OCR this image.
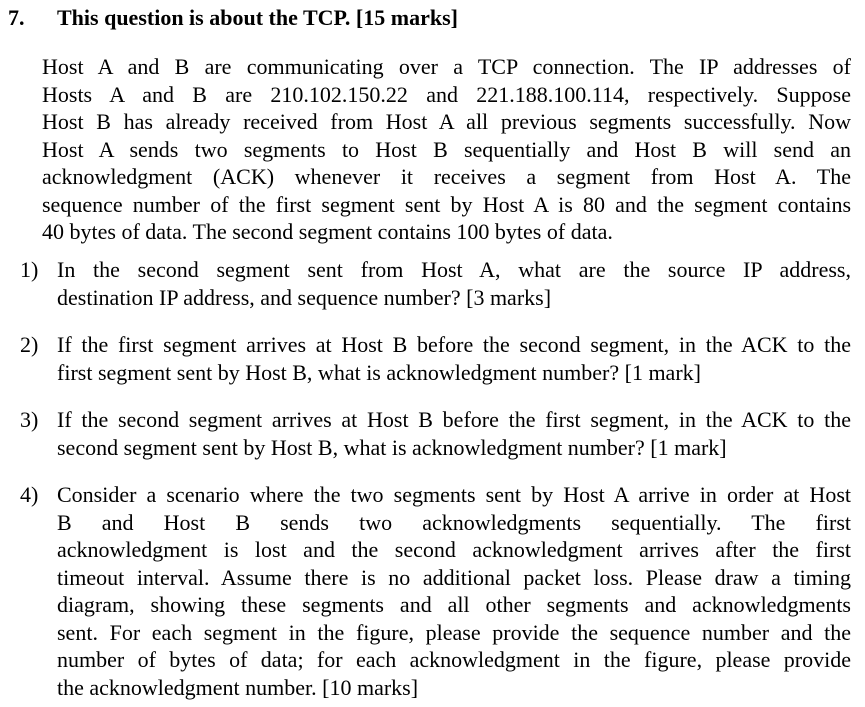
7. This question is about the TCP. [15 marks]
Host A and B are communicating over a TCP connection. The IP addresses of
Hosts A and B are 210.102.150.22 and 221.188.100.114, respectively. Suppose
Host B has already received from Host A all previous segments successfully. Now
Host A sends two segments to Host B sequentially and Host B will send an
acknowledgment (ACK) whenever it receives a segment from Host A. The
sequence number of the first segment sent by Host A is 80 and the segment contains
40 bytes of data. The second segment contains 100 bytes of data.
1) In the second segment sent from Host A, what are the source IP address,
destination IP address, and sequence number? [3 marks]
2) If the first segment arrives at Host B before the second segment, in the ACK to the
first segment sent by Host B, what is acknowledgment number? [1 mark]
3) If the second segment arrives at Host B before the first segment, in the ACK to the
second segment sent by Host B, what is acknowledgment number? [1 mark]
4) Consider a scenario where the two segments sent by Host A arrive in order at Host
B and Host B sends two acknowledgments sequentially. The first
acknowledgment is lost and the second acknowledgment arrives after the first
timeout interval. Assume there is no additional packet loss. Please draw a timing
diagram, showing these segments and all other segments and acknowledgments
sent. For each segment in the figure, please provide the sequence number and the
number of bytes of data; for each acknowledgment in the figure, please provide
the acknowledgment number. [10 marks]
